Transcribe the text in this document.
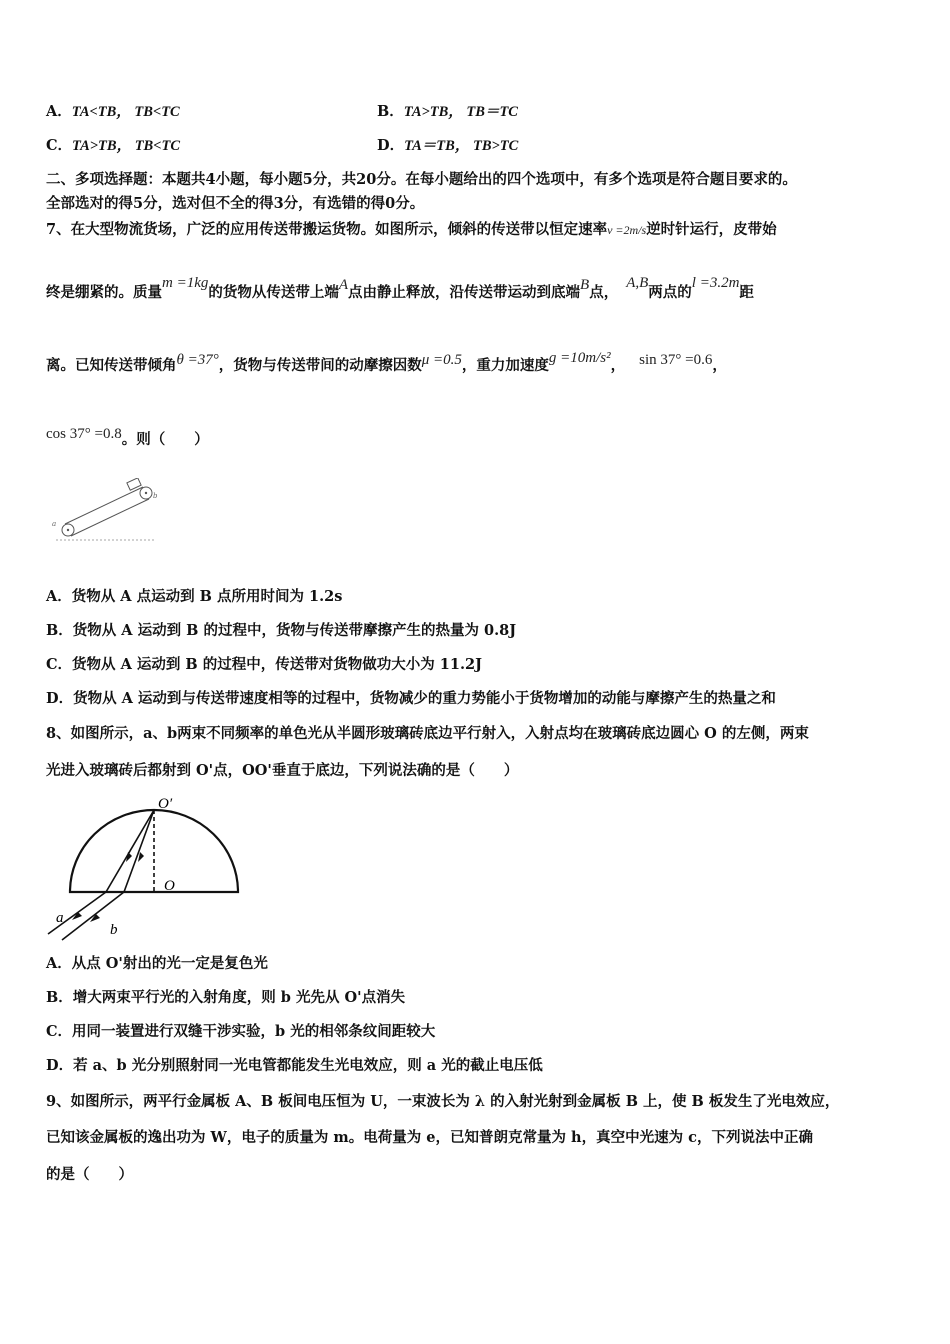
A．TA<TB， TB<TC	B．TA>TB， TB＝TC
C．TA>TB， TB<TC	D．TA＝TB， TB>TC
二、多项选择题：本题共4小题，每小题5分，共20分。在每小题给出的四个选项中，有多个选项是符合题目要求的。
全部选对的得5分，选对但不全的得3分，有选错的得0分。
7、在大型物流货场，广泛的应用传送带搬运货物。如图所示，倾斜的传送带以恒定速率v =2m/s逆时针运行，皮带始
终是绷紧的。质量m =1kg的货物从传送带上端A点由静止释放，沿传送带运动到底端B点，A,B两点的l =3.2m距
离。已知传送带倾角θ =37°，货物与传送带间的动摩擦因数μ =0.5，重力加速度g =10m/s²， sin 37° =0.6，
cos 37° =0.8。则（　　）
a
b
A．货物从 A 点运动到 B 点所用时间为 1.2s
B．货物从 A 运动到 B 的过程中，货物与传送带摩擦产生的热量为 0.8J
C．货物从 A 运动到 B 的过程中，传送带对货物做功大小为 11.2J
D．货物从 A 运动到与传送带速度相等的过程中，货物减少的重力势能小于货物增加的动能与摩擦产生的热量之和
8、如图所示，a、b两束不同频率的单色光从半圆形玻璃砖底边平行射入，入射点均在玻璃砖底边圆心 O 的左侧，两束
光进入玻璃砖后都射到 O'点，OO'垂直于底边，下列说法确的是（　　）
O′
O
a
b
A．从点 O'射出的光一定是复色光
B．增大两束平行光的入射角度，则 b 光先从 O'点消失
C．用同一装置进行双缝干涉实验，b 光的相邻条纹间距较大
D．若 a、b 光分别照射同一光电管都能发生光电效应，则 a 光的截止电压低
9、如图所示，两平行金属板 A、B 板间电压恒为 U，一束波长为 λ 的入射光射到金属板 B 上，使 B 板发生了光电效应，
已知该金属板的逸出功为 W，电子的质量为 m。电荷量为 e，已知普朗克常量为 h，真空中光速为 c，下列说法中正确
的是（　　）
